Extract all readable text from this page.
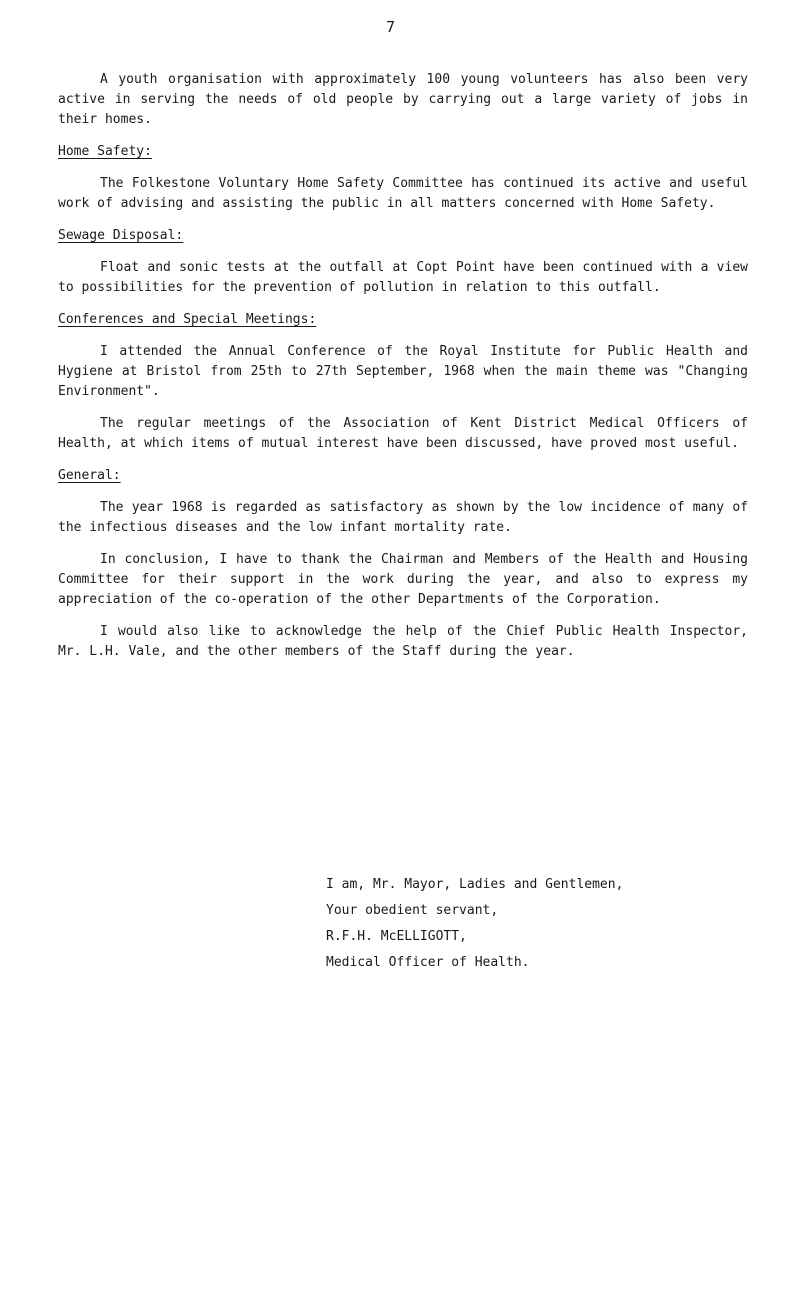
7

A youth organisation with approximately 100 young volunteers has also been very active in serving the needs of old people by carrying out a large variety of jobs in their homes.

Home Safety:

The Folkestone Voluntary Home Safety Committee has continued its active and useful work of advising and assisting the public in all matters concerned with Home Safety.

Sewage Disposal:

Float and sonic tests at the outfall at Copt Point have been continued with a view to possibilities for the prevention of pollution in relation to this outfall.

Conferences and Special Meetings:

I attended the Annual Conference of the Royal Institute for Public Health and Hygiene at Bristol from 25th to 27th September, 1968 when the main theme was "Changing Environment".

The regular meetings of the Association of Kent District Medical Officers of Health, at which items of mutual interest have been discussed, have proved most useful.

General:

The year 1968 is regarded as satisfactory as shown by the low incidence of many of the infectious diseases and the low infant mortality rate.

In conclusion, I have to thank the Chairman and Members of the Health and Housing Committee for their support in the work during the year, and also to express my appreciation of the co-operation of the other Departments of the Corporation.

I would also like to acknowledge the help of the Chief Public Health Inspector, Mr. L.H. Vale, and the other members of the Staff during the year.

I am, Mr. Mayor, Ladies and Gentlemen,
Your obedient servant,
R.F.H. McELLIGOTT,
Medical Officer of Health.
